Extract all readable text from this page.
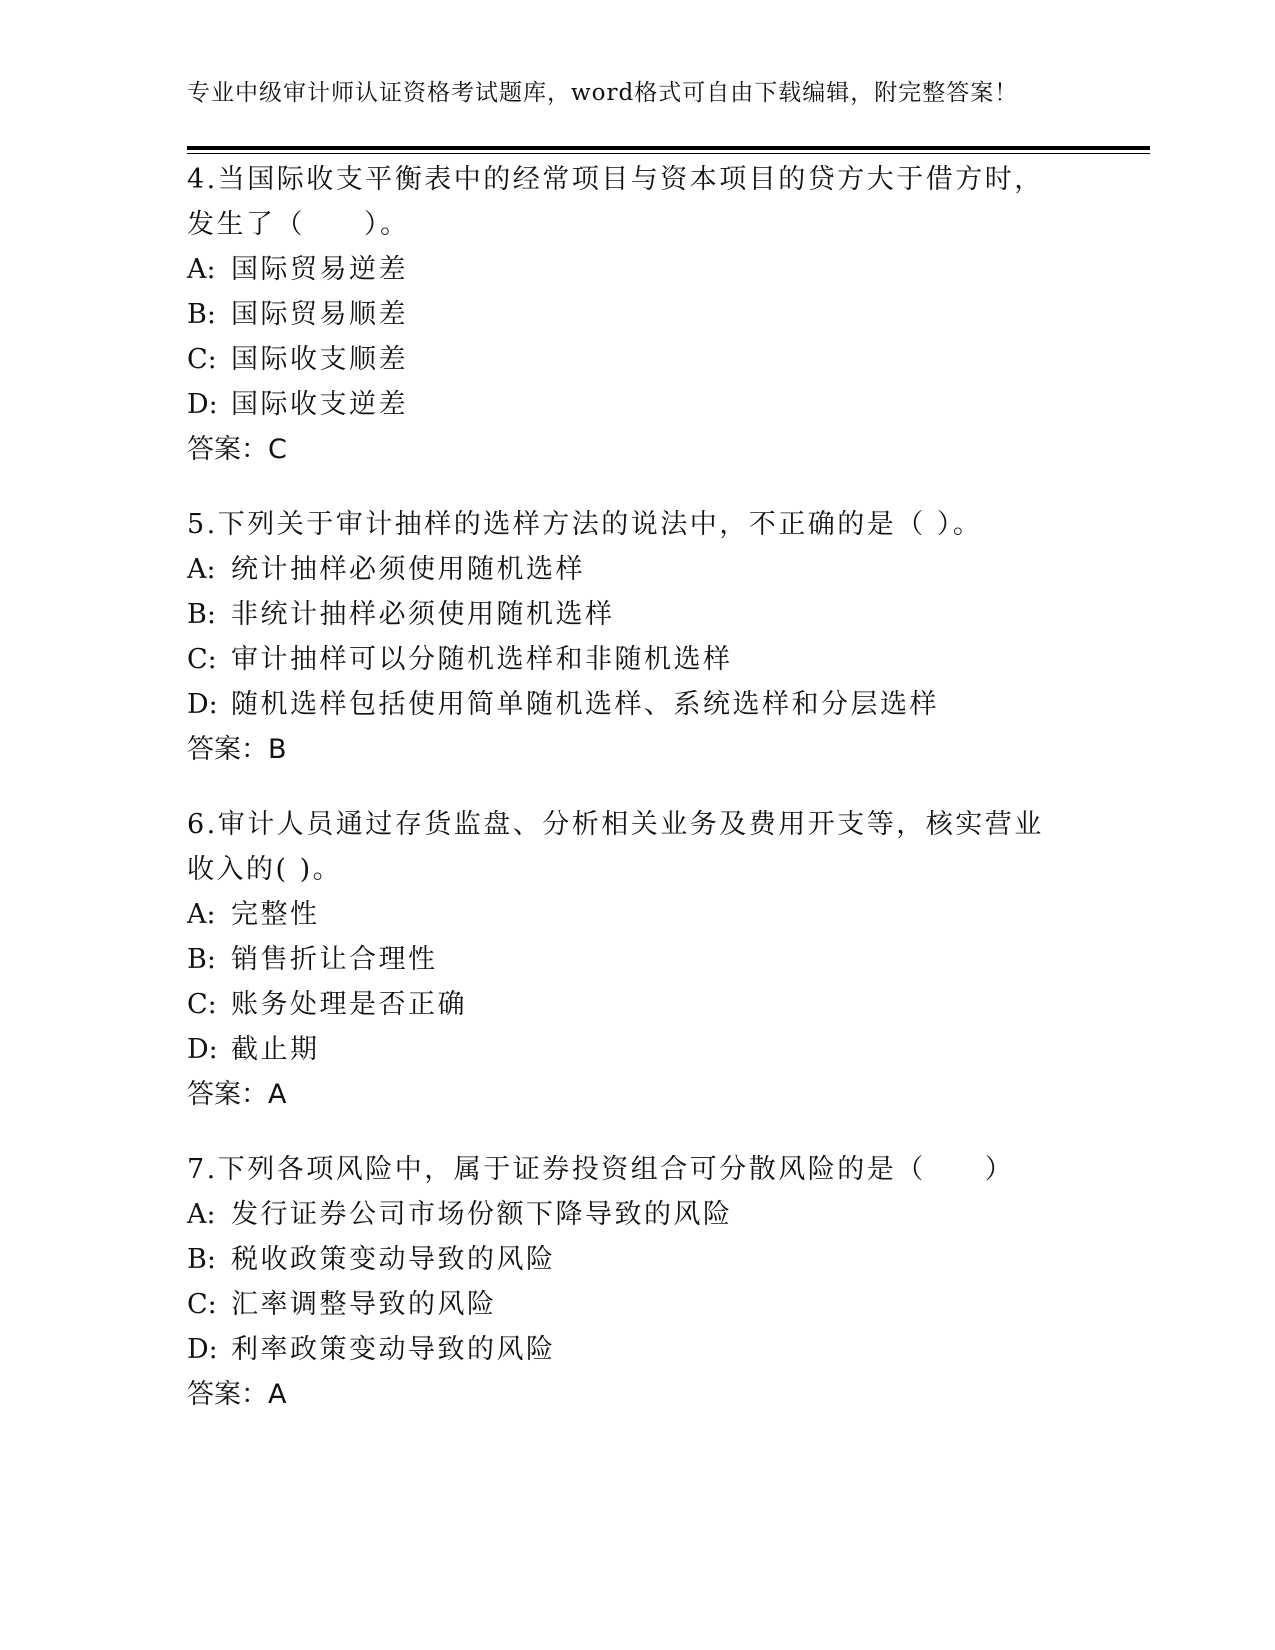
专业中级审计师认证资格考试题库，word格式可自由下载编辑，附完整答案！

4.当国际收支平衡表中的经常项目与资本项目的贷方大于借方时，发生了（　　）。

A: 国际贸易逆差
B: 国际贸易顺差
C: 国际收支顺差
D: 国际收支逆差
答案：C

5.下列关于审计抽样的选样方法的说法中，不正确的是（ ）。

A: 统计抽样必须使用随机选样
B: 非统计抽样必须使用随机选样
C: 审计抽样可以分随机选样和非随机选样
D: 随机选样包括使用简单随机选样、系统选样和分层选样
答案：B

6.审计人员通过存货监盘、分析相关业务及费用开支等，核实营业收入的( )。

A: 完整性
B: 销售折让合理性
C: 账务处理是否正确
D: 截止期
答案：A

7.下列各项风险中，属于证券投资组合可分散风险的是（　　）

A: 发行证券公司市场份额下降导致的风险
B: 税收政策变动导致的风险
C: 汇率调整导致的风险
D: 利率政策变动导致的风险
答案：A
